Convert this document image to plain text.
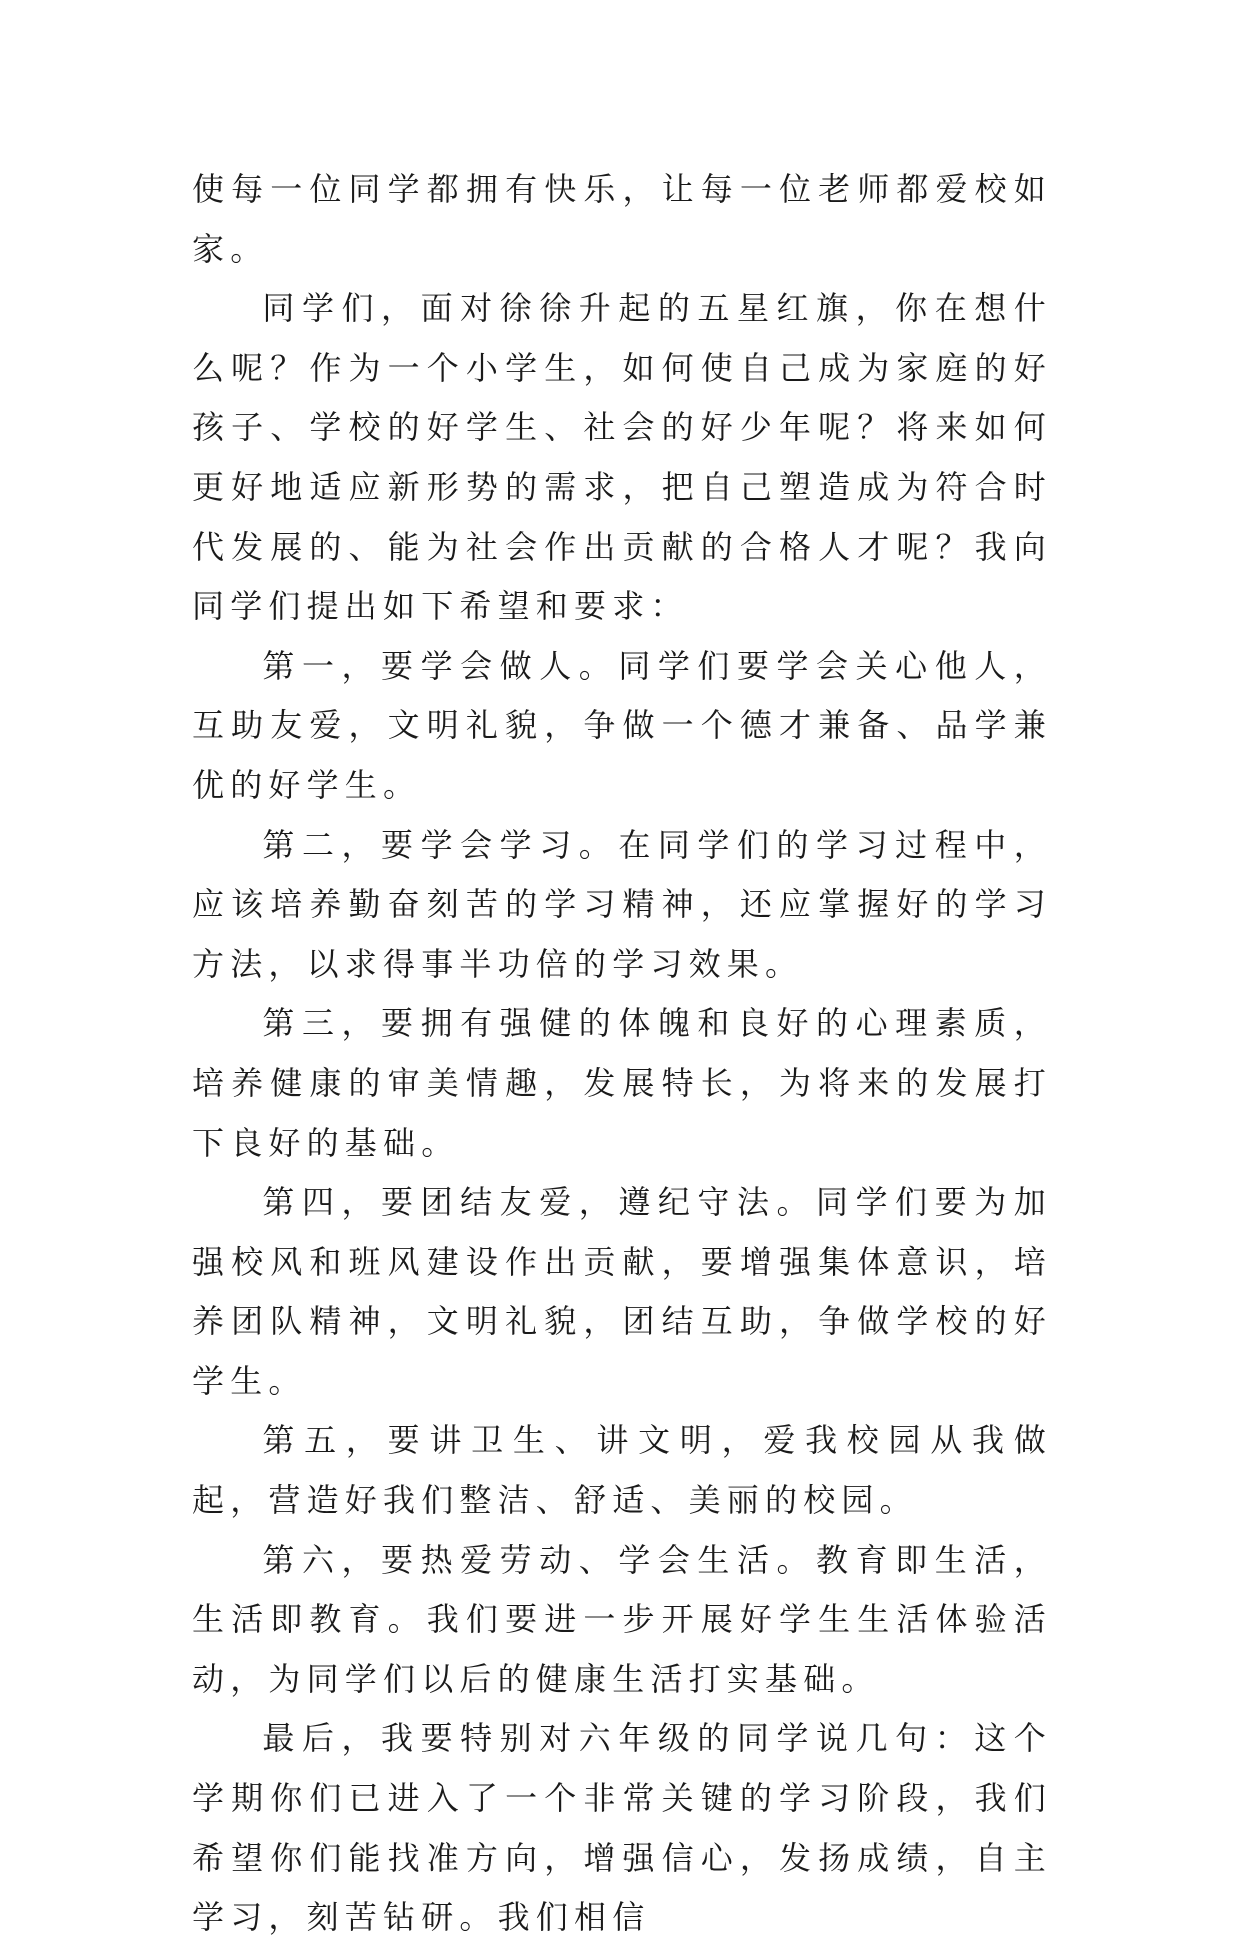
使每一位同学都拥有快乐，让每一位老师都爱校如家。

同学们，面对徐徐升起的五星红旗，你在想什么呢？作为一个小学生，如何使自己成为家庭的好孩子、学校的好学生、社会的好少年呢？将来如何更好地适应新形势的需求，把自己塑造成为符合时代发展的、能为社会作出贡献的合格人才呢？我向同学们提出如下希望和要求：

第一，要学会做人。同学们要学会关心他人，互助友爱，文明礼貌，争做一个德才兼备、品学兼优的好学生。

第二，要学会学习。在同学们的学习过程中，应该培养勤奋刻苦的学习精神，还应掌握好的学习方法，以求得事半功倍的学习效果。

第三，要拥有强健的体魄和良好的心理素质，培养健康的审美情趣，发展特长，为将来的发展打下良好的基础。

第四，要团结友爱，遵纪守法。同学们要为加强校风和班风建设作出贡献，要增强集体意识，培养团队精神，文明礼貌，团结互助，争做学校的好学生。

第五，要讲卫生、讲文明，爱我校园从我做起，营造好我们整洁、舒适、美丽的校园。

第六，要热爱劳动、学会生活。教育即生活，生活即教育。我们要进一步开展好学生生活体验活动，为同学们以后的健康生活打实基础。

最后，我要特别对六年级的同学说几句：这个学期你们已进入了一个非常关键的学习阶段，我们希望你们能找准方向，增强信心，发扬成绩，自主学习，刻苦钻研。我们相信
